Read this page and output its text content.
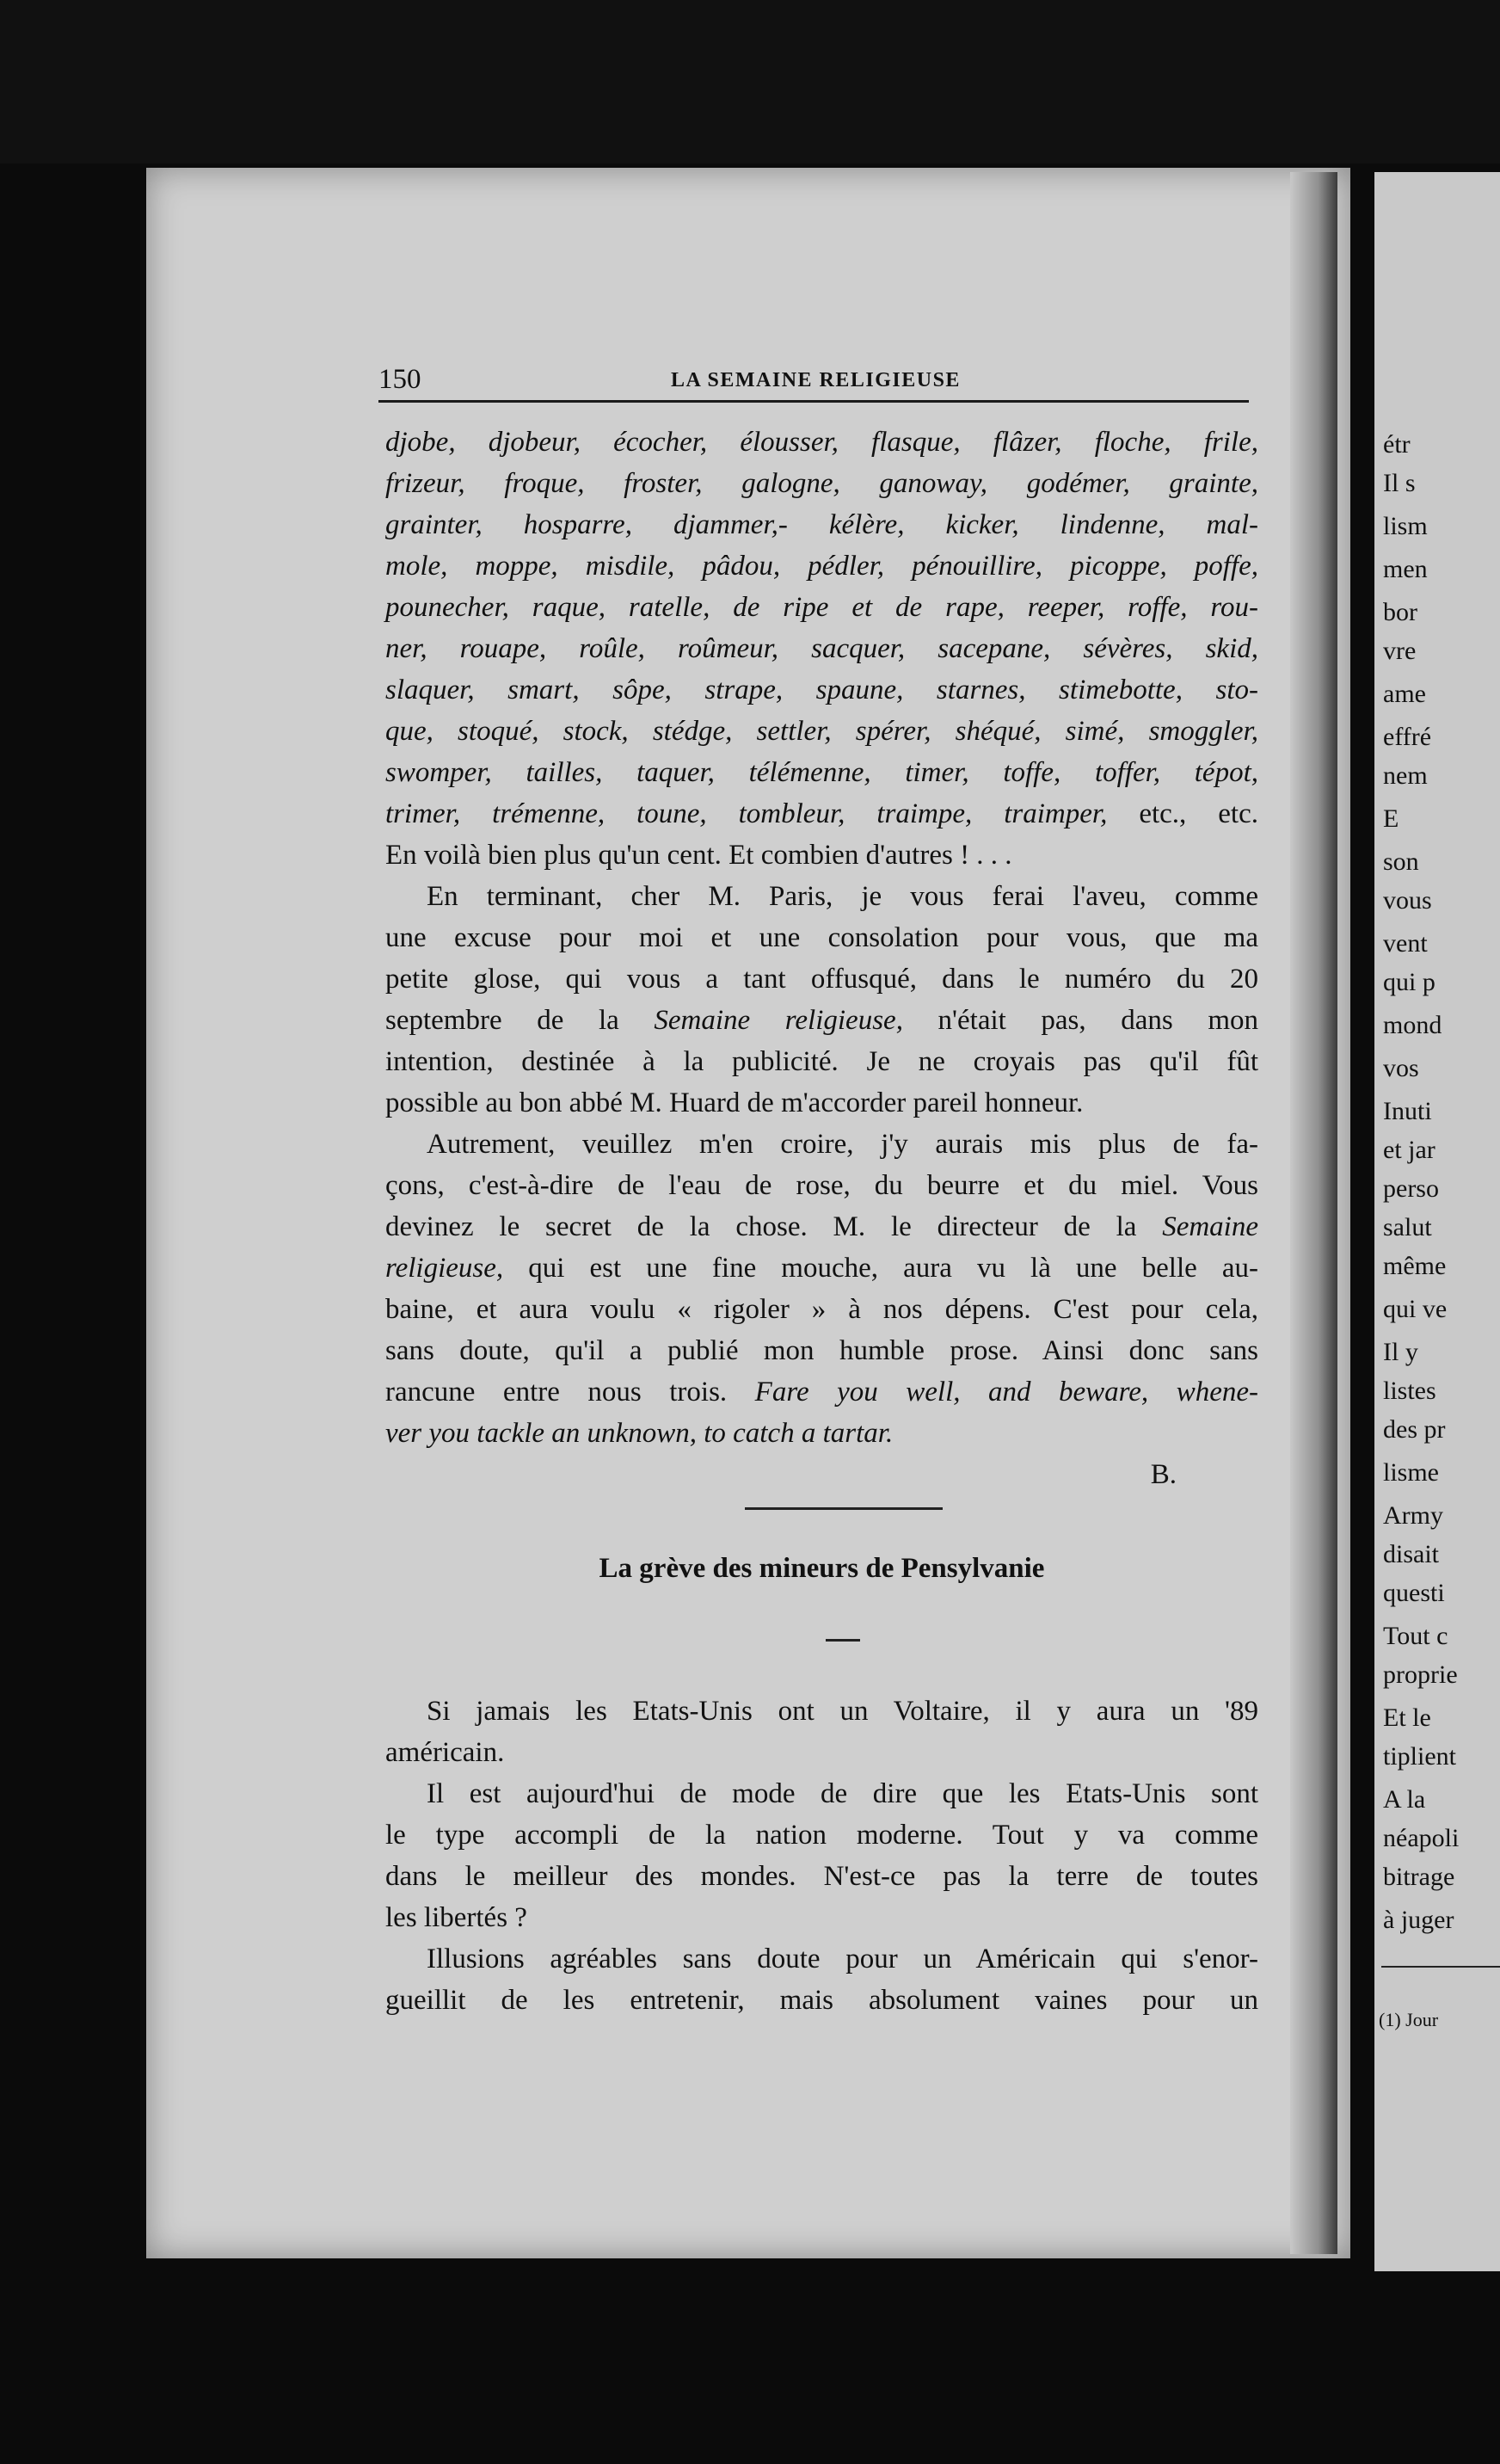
(1) Jour
étr
Il s
lism
men
bor
vre
ame
effré
nem
E
son
vous
vent
qui p
mond
vos
Inuti
et jar
perso
salut
même
qui ve
Il y
listes
des pr
lisme
Army
disait
questi
Tout c
proprie
Et le
tiplient
A la
néapoli
bitrage
à juger
150	LA SEMAINE RELIGIEUSE
djobe, djobeur, écocher, élousser, flasque, flâzer, floche, frile,
frizeur, froque, froster, galogne, ganoway, godémer, grainte,
grainter, hosparre, djammer,- kélère, kicker, lindenne, mal-
mole, moppe, misdile, pâdou, pédler, pénouillire, picoppe, poffe,
pounecher, raque, ratelle, de ripe et de rape, reeper, roffe, rou-
ner, rouape, roûle, roûmeur, sacquer, sacepane, sévères, skid,
slaquer, smart, sôpe, strape, spaune, starnes, stimebotte, sto-
que, stoqué, stock, stédge, settler, spérer, shéqué, simé, smoggler,
swomper, tailles, taquer, télémenne, timer, toffe, toffer, tépot,
trimer, trémenne, toune, tombleur, traimpe, traimper, etc., etc.
En voilà bien plus qu'un cent. Et combien d'autres ! . . .
En terminant, cher M. Paris, je vous ferai l'aveu, comme
une excuse pour moi et une consolation pour vous, que ma
petite glose, qui vous a tant offusqué, dans le numéro du 20
septembre de la Semaine religieuse, n'était pas, dans mon
intention, destinée à la publicité. Je ne croyais pas qu'il fût
possible au bon abbé M. Huard de m'accorder pareil honneur.
Autrement, veuillez m'en croire, j'y aurais mis plus de fa-
çons, c'est-à-dire de l'eau de rose, du beurre et du miel. Vous
devinez le secret de la chose. M. le directeur de la Semaine
religieuse, qui est une fine mouche, aura vu là une belle au-
baine, et aura voulu « rigoler » à nos dépens. C'est pour cela,
sans doute, qu'il a publié mon humble prose. Ainsi donc sans
rancune entre nous trois. Fare you well, and beware, whene-
ver you tackle an unknown, to catch a tartar.
B.
La grève des mineurs de Pensylvanie
Si jamais les Etats-Unis ont un Voltaire, il y aura un '89
américain.
Il est aujourd'hui de mode de dire que les Etats-Unis sont
le type accompli de la nation moderne. Tout y va comme
dans le meilleur des mondes. N'est-ce pas la terre de toutes
les libertés ?
Illusions agréables sans doute pour un Américain qui s'enor-
gueillit de les entretenir, mais absolument vaines pour un
